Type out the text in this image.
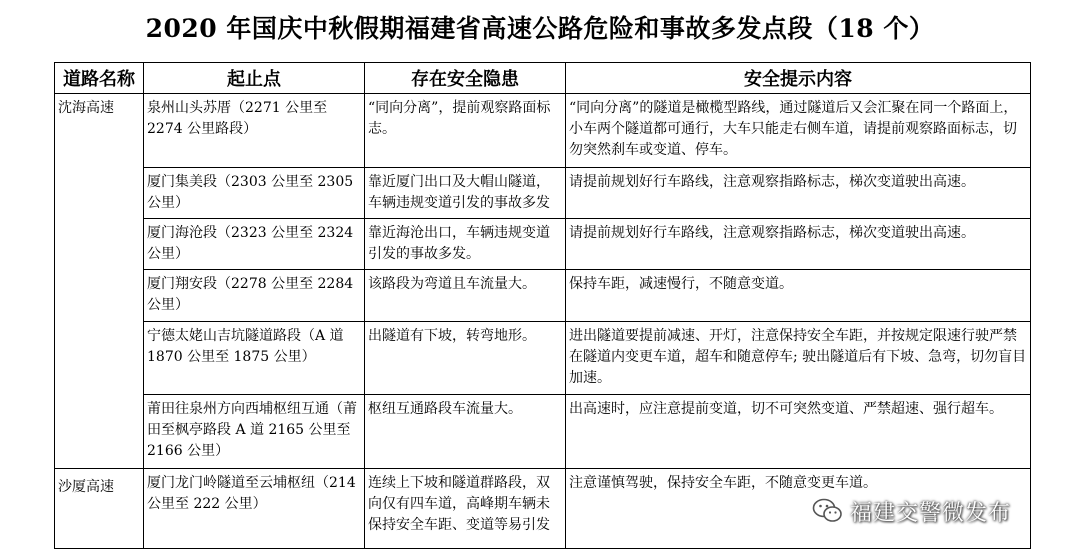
2020 年国庆中秋假期福建省高速公路危险和事故多发点段（18 个）
道路名称	起止点	存在安全隐患	安全提示内容
沈海高速	泉州山头苏厝（2271 公里至 2274 公里路段）	“同向分离”，提前观察路面标志。	“同向分离”的隧道是橄榄型路线，通过隧道后又会汇聚在同一个路面上，小车两个隧道都可通行，大车只能走右侧车道，请提前观察路面标志，切勿突然刹车或变道、停车。
	厦门集美段（2303 公里至 2305 公里）	靠近厦门出口及大帽山隧道，车辆违规变道引发的事故多发	请提前规划好行车路线，注意观察指路标志，梯次变道驶出高速。
	厦门海沧段（2323 公里至 2324 公里）	靠近海沧出口，车辆违规变道引发的事故多发。	请提前规划好行车路线，注意观察指路标志，梯次变道驶出高速。
	厦门翔安段（2278 公里至 2284 公里）	该路段为弯道且车流量大。	保持车距，减速慢行，不随意变道。
	宁德太姥山吉坑隧道路段（A 道 1870 公里至 1875 公里）	出隧道有下坡，转弯地形。	进出隧道要提前减速、开灯，注意保持安全车距，并按规定限速行驶严禁在隧道内变更车道，超车和随意停车; 驶出隧道后有下坡、急弯，切勿盲目加速。
	莆田往泉州方向西埔枢纽互通（莆田至枫亭路段 A 道 2165 公里至 2166 公里）	枢纽互通路段车流量大。	出高速时，应注意提前变道，切不可突然变道、严禁超速、强行超车。
沙厦高速	厦门龙门岭隧道至云埔枢纽（214 公里至 222 公里）	连续上下坡和隧道群路段，双向仅有四车道，高峰期车辆未保持安全车距、变道等易引发	注意谨慎驾驶，保持安全车距，不随意变更车道。
福建交警微发布
